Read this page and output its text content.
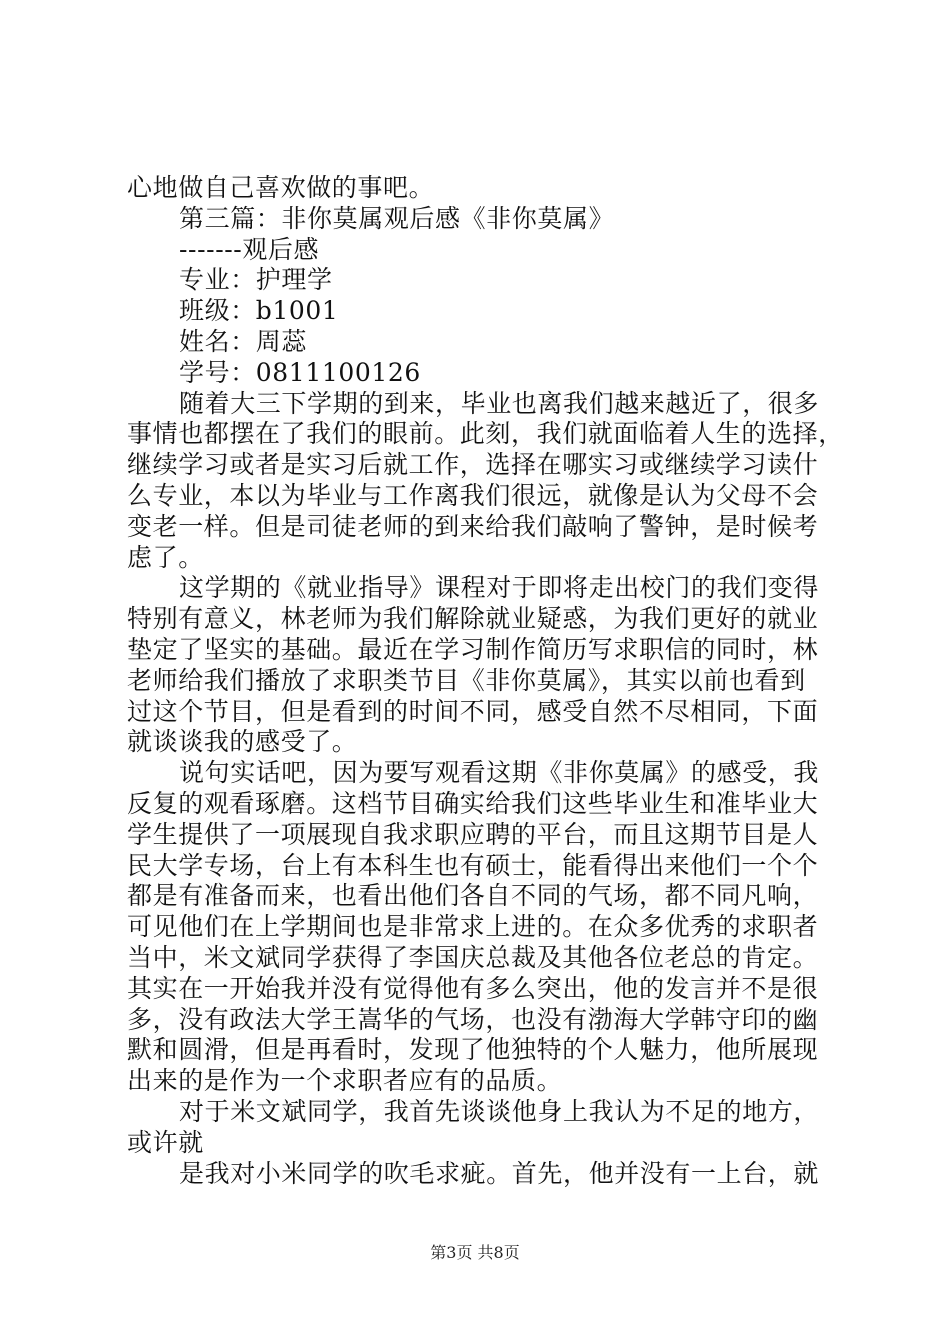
心地做自己喜欢做的事吧。
第三篇：非你莫属观后感《非你莫属》
-------观后感
专业：护理学
班级：b1001
姓名：周蕊
学号：0811100126
随着大三下学期的到来，毕业也离我们越来越近了，很多
事情也都摆在了我们的眼前。此刻，我们就面临着人生的选择，
继续学习或者是实习后就工作，选择在哪实习或继续学习读什
么专业，本以为毕业与工作离我们很远，就像是认为父母不会
变老一样。但是司徒老师的到来给我们敲响了警钟，是时候考
虑了。
这学期的《就业指导》课程对于即将走出校门的我们变得
特别有意义，林老师为我们解除就业疑惑，为我们更好的就业
垫定了坚实的基础。最近在学习制作简历写求职信的同时，林
老师给我们播放了求职类节目《非你莫属》，其实以前也看到
过这个节目，但是看到的时间不同，感受自然不尽相同，下面
就谈谈我的感受了。
说句实话吧，因为要写观看这期《非你莫属》的感受，我
反复的观看琢磨。这档节目确实给我们这些毕业生和准毕业大
学生提供了一项展现自我求职应聘的平台，而且这期节目是人
民大学专场，台上有本科生也有硕士，能看得出来他们一个个
都是有准备而来，也看出他们各自不同的气场，都不同凡响，
可见他们在上学期间也是非常求上进的。在众多优秀的求职者
当中，米文斌同学获得了李国庆总裁及其他各位老总的肯定。
其实在一开始我并没有觉得他有多么突出，他的发言并不是很
多，没有政法大学王嵩华的气场，也没有渤海大学韩守印的幽
默和圆滑，但是再看时，发现了他独特的个人魅力，他所展现
出来的是作为一个求职者应有的品质。
对于米文斌同学，我首先谈谈他身上我认为不足的地方，
或许就
是我对小米同学的吹毛求疵。首先，他并没有一上台，就
第3页 共8页
